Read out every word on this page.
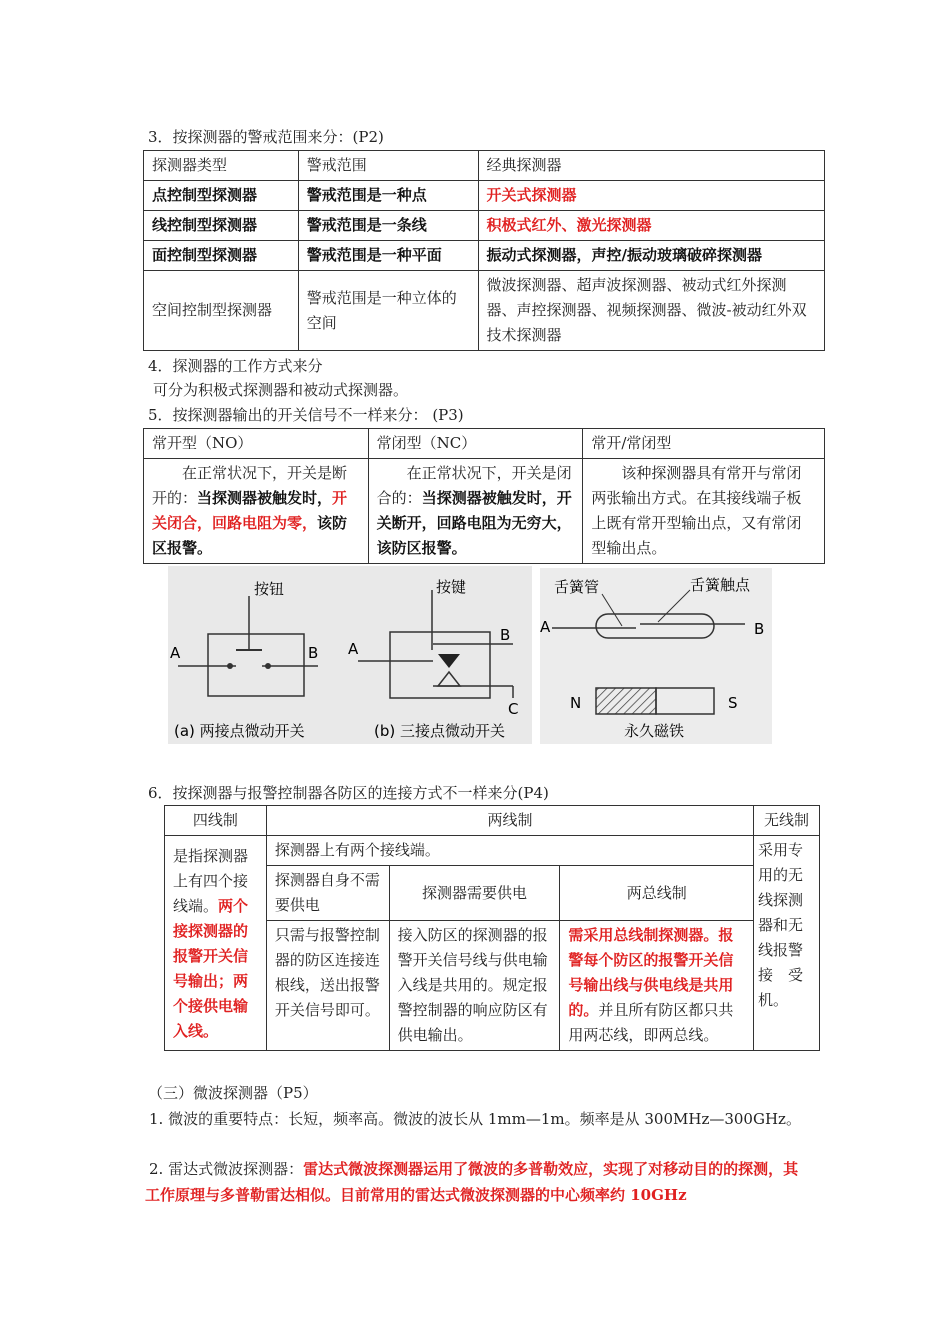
3．按探测器的警戒范围来分：(P2)
探测器类型	警戒范围	经典探测器
点控制型探测器	警戒范围是一种点	开关式探测器
线控制型探测器	警戒范围是一条线	积极式红外、激光探测器
面控制型探测器	警戒范围是一种平面	振动式探测器，声控/振动玻璃破碎探测器
空间控制型探测器	警戒范围是一种立体的空间	微波探测器、超声波探测器、被动式红外探测器、声控探测器、视频探测器、微波-被动红外双技术探测器
4．探测器的工作方式来分
可分为积极式探测器和被动式探测器。
5．按探测器输出的开关信号不一样来分： (P3)
常开型（NO）	常闭型（NC）	常开/常闭型
在正常状况下，开关是断开的：当探测器被触发时，开关闭合，回路电阻为零，该防区报警。	在正常状况下，开关是闭合的：当探测器被触发时，开关断开，回路电阻为无穷大，该防区报警。	该种探测器具有常开与常闭两张输出方式。在其接线端子板上既有常开型输出点，又有常闭型输出点。
按钮
A	B
(a) 两接点微动开关
按键
A
B
C
(b) 三接点微动开关
舌簧管	舌簧触点
A	B
N	S
永久磁铁
6．按探测器与报警控制器各防区的连接方式不一样来分(P4)
四线制	两线制			无线制
是指探测器上有四个接线端。两个接探测器的报警开关信号输出；两个接供电输入线。	探测器上有两个接线端。			采用专用的无线探测器和无线报警接　受机。
	探测器自身不需要供电	探测器需要供电	两总线制	
	只需与报警控制器的防区连接连根线，送出报警开关信号即可。	接入防区的探测器的报警开关信号线与供电输入线是共用的。规定报警控制器的响应防区有供电输出。	需采用总线制探测器。报警每个防区的报警开关信号输出线与供电线是共用的。并且所有防区都只共用两芯线，即两总线。	
（三）微波探测器（P5）
1. 微波的重要特点：长短，频率高。微波的波长从 1mm—1m。频率是从 300MHz—300GHz。
2. 雷达式微波探测器：雷达式微波探测器运用了微波的多普勒效应，实现了对移动目的的探测，其工作原理与多普勒雷达相似。目前常用的雷达式微波探测器的中心频率约 10GHz
